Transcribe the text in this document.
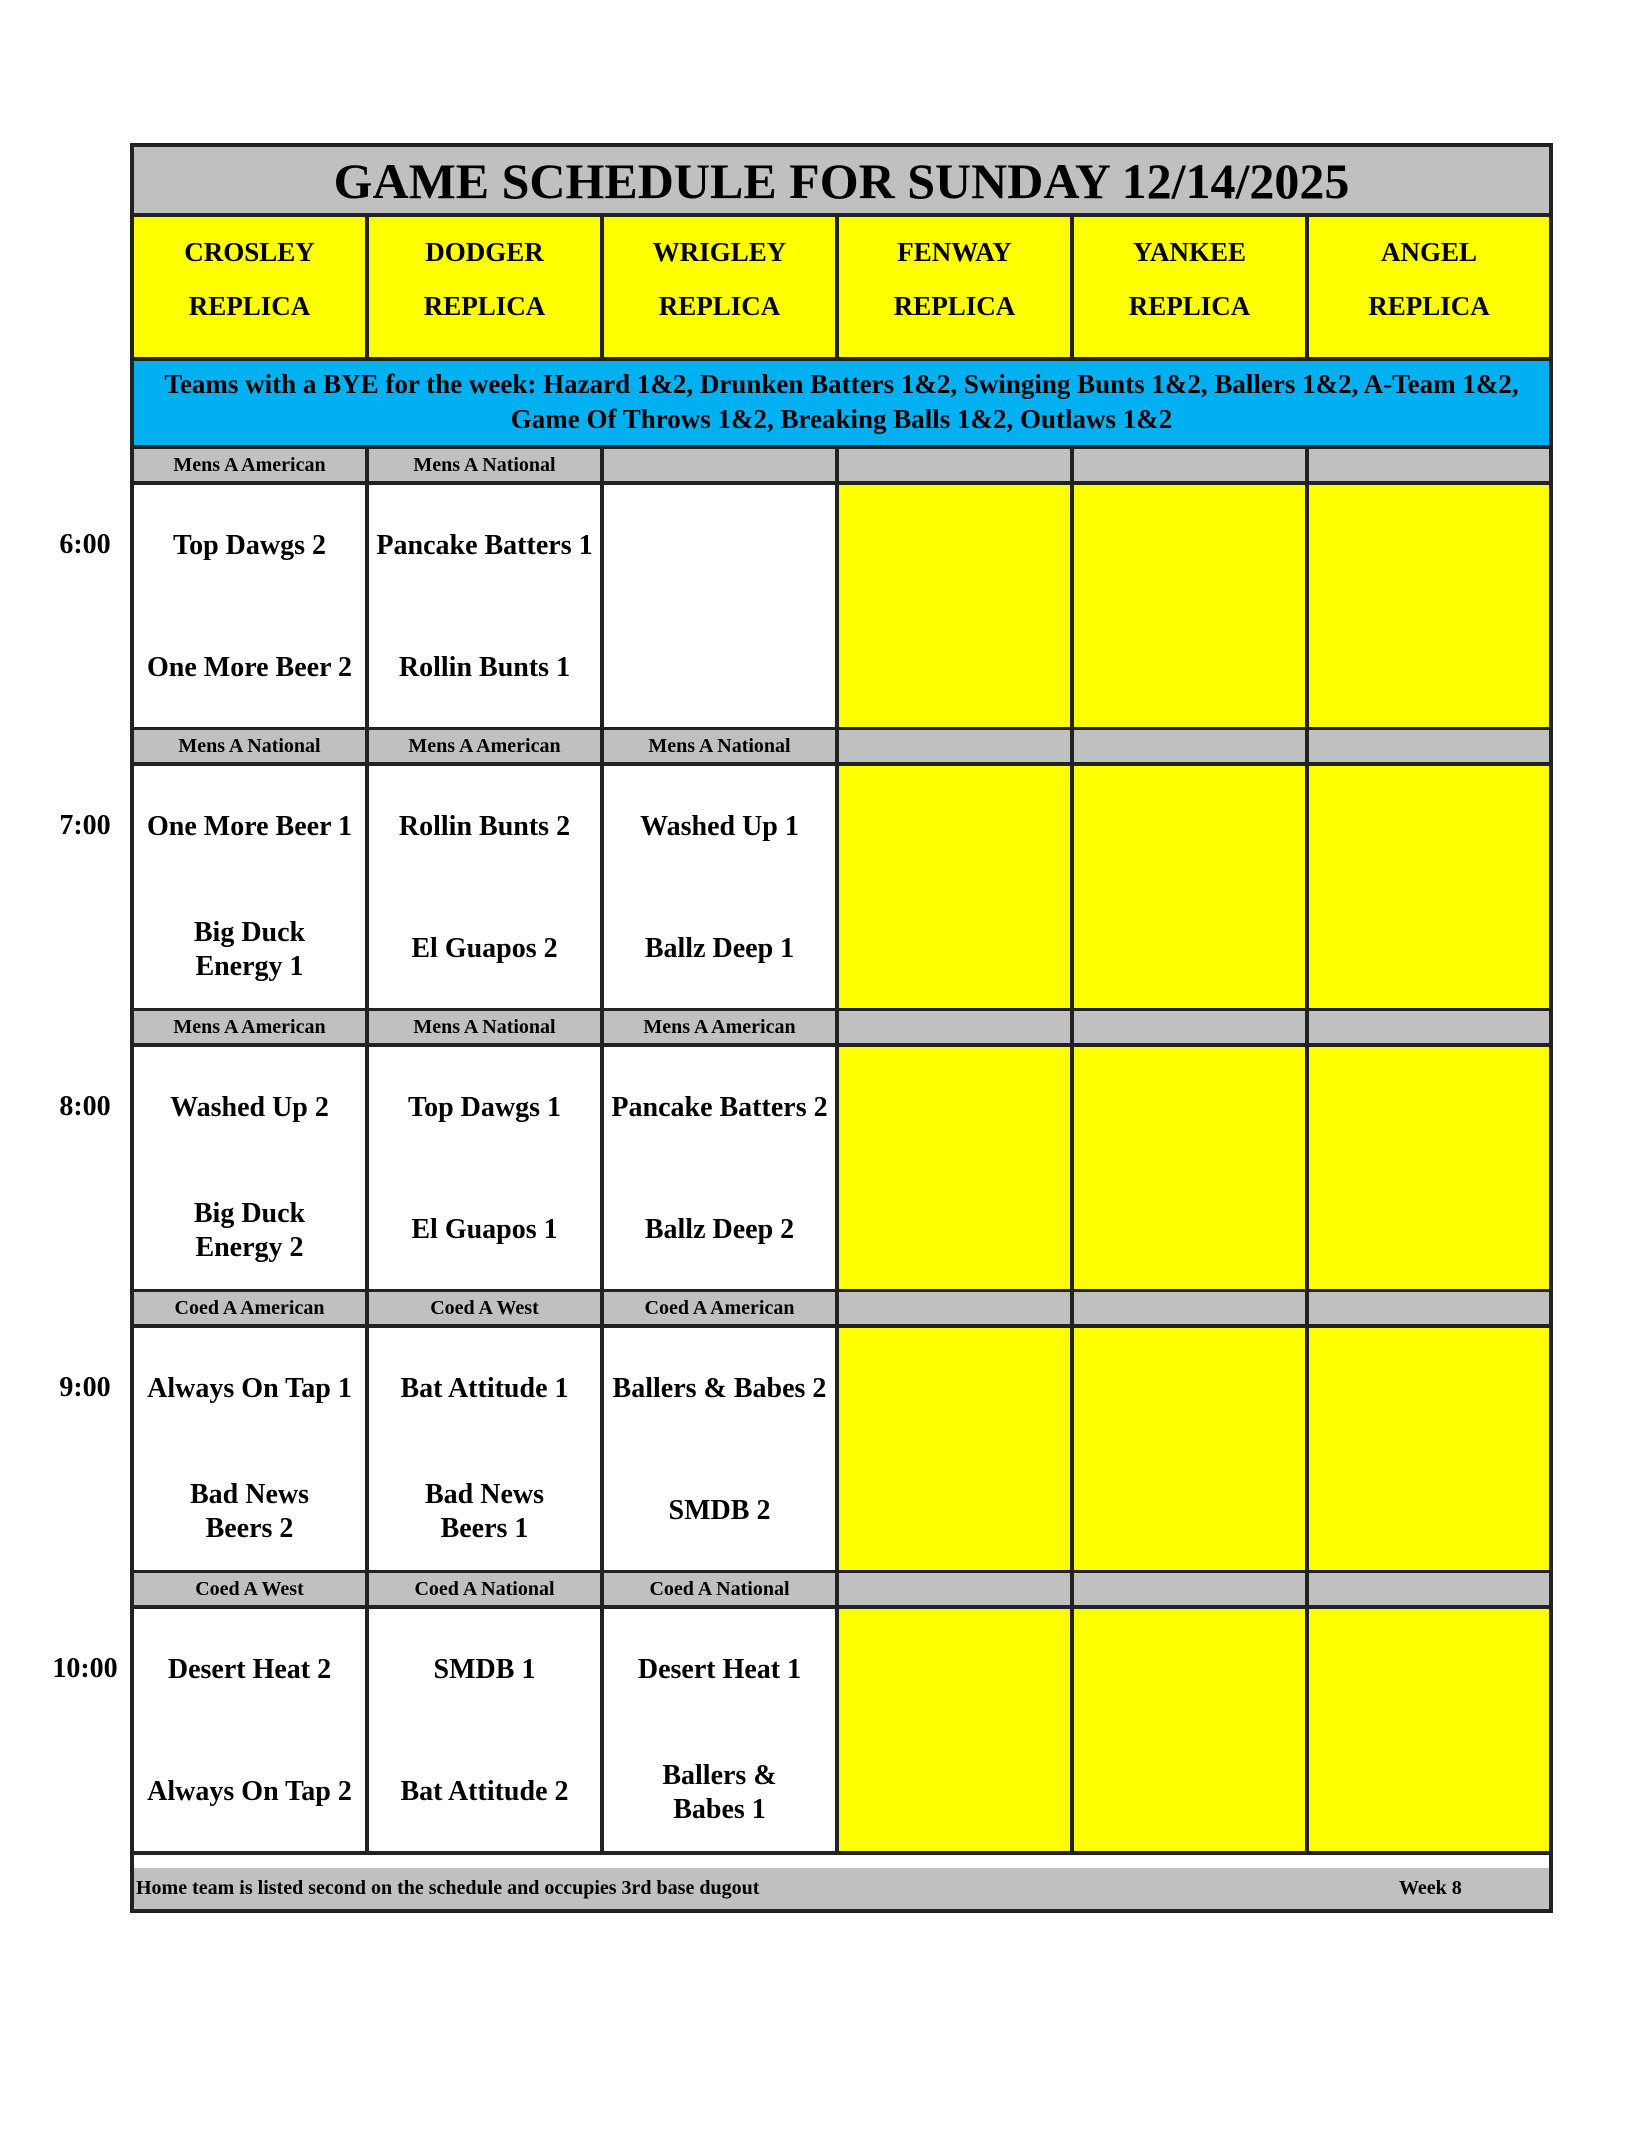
GAME SCHEDULE FOR SUNDAY 12/14/2025
CROSLEY
REPLICA
DODGER
REPLICA
WRIGLEY
REPLICA
FENWAY
REPLICA
YANKEE
REPLICA
ANGEL
REPLICA
Mens A American
Top Dawgs 2
One More Beer 2
Mens A National
Pancake Batters 1
Rollin Bunts 1
Mens A National
One More Beer 1
Big Duck Energy 1
Mens A American
Rollin Bunts 2
El Guapos 2
Mens A National
Washed Up 1
Ballz Deep 1
Mens A American
Washed Up 2
Big Duck Energy 2
Mens A National
Top Dawgs 1
El Guapos 1
Mens A American
Pancake Batters 2
Ballz Deep 2
Coed A American
Always On Tap 1
Bad News Beers 2
Coed A West
Bat Attitude 1
Bad News Beers 1
Coed A American
Ballers & Babes 2
SMDB 2
Coed A West
Desert Heat 2
Always On Tap 2
Coed A National
SMDB 1
Bat Attitude 2
Coed A National
Desert Heat 1
Ballers & Babes 1
Teams with a BYE for the week: Hazard 1&2, Drunken Batters 1&2, Swinging Bunts 1&2, Ballers 1&2, A-Team 1&2, Game Of Throws 1&2, Breaking Balls 1&2, Outlaws 1&2
Home team is listed second on the schedule and occupies 3rd base dugout	Week 8
6:00
7:00
8:00
9:00
10:00
